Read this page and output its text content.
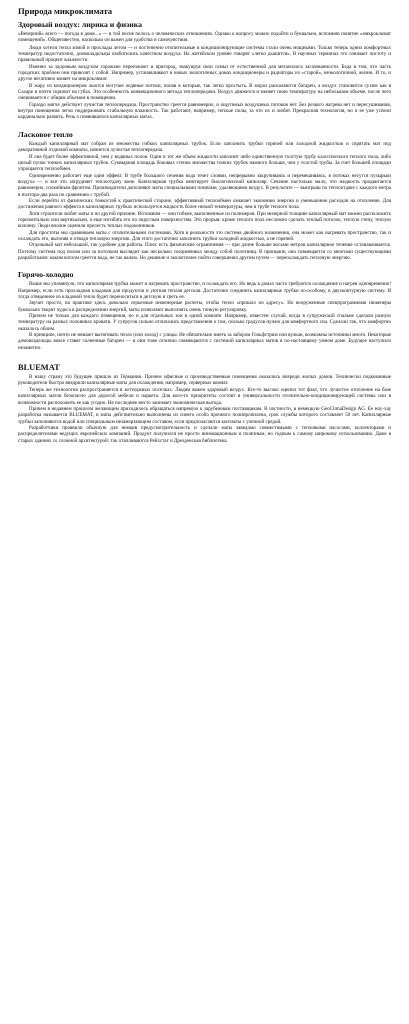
Природа микроклимата
Здоровый воздух: лирика и физика

«Вечерний» всего — погода в доме...» — в той песне пелось о человеческих отношениях. Однако к вопросу можно подойти и буквально, вспомнив понятие «микроклимат помещений». Общеизвестно, насколько он важен для удобства и самочувствия.

Люди хотели тепла зимой и прохлады летом — и постепенно отопительные и кондиционирующие системы стали очень мощными. Только теперь одних комфортных температур недостаточно, домовладельцы озаботились качеством воздуха. На житейском уровне говорят «легко дышится». В научных терминах это означает чистоту и правильный процент влажности.

Именно за здоровым воздухом горожане переезжают в пригород, эвакуируя свои семьи от естественной для мегаполиса загазованности. Беда в том, что часть городских проблем они привозят с собой. Например, устанавливают в новых экологичных домах кондиционеры и радиаторы из «старой», неэкологичной, жизни. И то, и другое негативно влияет на микроклимат.

В жару из кондиционеров льются могучие ледяные потоки, попав в которые, так легко простыть. В мороз раскаляются батареи, а воздух становится сухим как в Сахаре и почти скрипит на губах. Это особенность конвекционного метода теплопередачи. Воздух движется и меняет свою температуру на небольшом объеме, после чего смешивается с общим объемом в помещении.

Гораздо мягче действует лучистая теплопередача. Пространство греется равномерно, и ощутимых воздушных потоков нет. Без резкого нагрева нет и пересушивания, внутри помещения легко поддерживать стабильную влажность. Так работают, например, теплые полы, за что их и любят. Прекрасная технология, но и ее уже успели кардинально развить. Речь о появившихся капиллярных матах.

Ласковое тепло

Каждый капиллярный мат собран из множества гибких капиллярных трубок. Если заполнить трубки горячей или холодной жидкостью и спрятать мат под декоративной отделкой комнаты, начнется лучистая теплопередача.

И она будет более эффективной, чем у водяных полов. Один и тот же объем жидкости заполнит либо единственную толстую трубу классического теплого пола, либо целый пучок тонких капиллярных трубок. Суммарная площадь боковых стенок множества тонких трубок намного больше, чем у толстой трубы. За счет большей площади упрощается теплообмен.

Одновременно работает еще один эффект. В трубе большого сечения вода течет слоями, непрерывно закручиваясь и перемешиваясь, в потоках несутся пузырьки воздуха — и все это затрудняет теплоотдачу воне. Капиллярная трубка имитирует биологический капилляр. Сечение настолько мало, что жидкость продвигается равномерно, спокойным фронтом. Производители дополняют маты специальными помпами, удаляющими воздух. В результате — выигрыш по теплоотдаче с каждого метра в полтора-два раза по сравнению с трубой.

Если перейти от физических тонкостей к практической стороне, эффективный теплообмен означает экономию энергии и уменьшение расходов на отопление. Для достижения равного эффекта в капиллярных трубках используется жидкость более низкой температуры, чем в трубе теплого пола.

Хотя строители любят маты и по другой причине. Вспомним — они гибкие, выполненные из полимеров. При мизерной толщине капиллярный мат можно расположить горизонтально или вертикально, а еще изгибать его по округлым поверхностям. Это прорыв: кроме теплого пола несложно сделать теплый потолок, теплую стену, теплую колонну. Люди вполне оценили прелесть теплых подоконников.

Для простоты мы сравниваем маты с отопительными системами. Хотя в реальности это система двойного назначения, она может как нагревать пространство, так и охлаждать его, выгоняя и отводя тепловую энергию. Для этого достаточно заполнить трубки холодной жидкостью, а не горячей.

Отдельный мат небольшой, так удобнее для работы. Плюс есть физические ограничения — при длине больше восьми метров капиллярное течение останавливается. Поэтому система под полом или за потолком выглядит как несколько соединенных между собой полотнищ. В принципе, она совмещается со многими существующими разработками: каким котлом греется вода, не так важно. Но дешевле и экологичнее пойти совершенно другим путем — переохлаждать тепловую энергию.

Горячо-холодно

Выше мы упомянули, что капиллярная трубка может и нагревать пространство, и охлаждать его. Но ведь в домах часто требуются охлаждение и нагрев одновременно! Например, если есть прохладная кладовая для продуктов и уютная теплая детская. Достаточно соединить капиллярные трубки по-особому, в двухконтурную систему. И тогда отведенное из кладовой тепло будет переноситься в детскую и греть ее.

Звучит просто, на практике здесь довольно серьезные инженерные расчеты, чтобы тепло «пришло по адресу». Но вооруженные спецпрограммами инженеры буквально творят чудеса в распределении энергий, маты позволяют выполнять очень тонкую регулировку.

Причем не только для каждого помещения, но и для отдельных зон в одной комнате. Например, известен случай, когда в супружеской спальне сделали разную температуру на разных половинах кровати. У супругов сильно отличались представления о том, сколько градусов нужно для комфортного сна. Сделали так, что комфортно оказалось обоим.

В принципе, ничто не мешает вытягивать тепло (или холод) с улицы. Не обязательно иметь за забором Гольфстрим или вулкан, возможны источники много. Некоторые домовладельцы вовсе ставят солнечные батареи — и они тоже отлично совмещаются с системой капиллярных матов в по-настоящему умном доме. Будущее наступило незаметно.

BLUEMAT

В нашу страну это будущее пришло из Германии. Причем офисные и производственные помещения оказались впереди жилых домов. Технически подкованные руководители быстро внедрили капиллярные маты для охлаждения, например, серверных комнат.

Теперь же технология распространяется в коттеджных поселках. Людям важен здоровый воздух. Кто-то высоко оценил тот факт, что лучистое отопление на базе капиллярных матов безопасно для дорогой мебели и паркета. Для кого-то приоритеты состоят в универсальности отопительно-кондиционирующей системы или в возможности расположить ее как угодно. Не последнее место занимает экономическая выгода.

Причем в недавнем прошлом желающим приходилось обращаться напрямую к зарубежным поставщикам. В частности, в немецкую GeoClimaDesign AG. Ее ноу-хау разработка называется BLUEMAT, и маты действительно выполнены из синего особо прочного полипропилена, срок службы которого составляет 50 лет. Капиллярные трубки заполняются водой или специальным незамерзающим составом, если предполагаются контакты с уличной средой.

Разработчики проявили обычную для немцев предусмотрительность и сделали маты заведомо совместимыми с тепловыми насосами, коллекторами и распределителями ведущих европейских компаний. Продукт получился не просто инновационным и полезным, но годным к самому широкому использованию. Даже в старых зданиях со сложной архитектурой: так отапливаются Рейхстаг и Дрезденская библиотека.
